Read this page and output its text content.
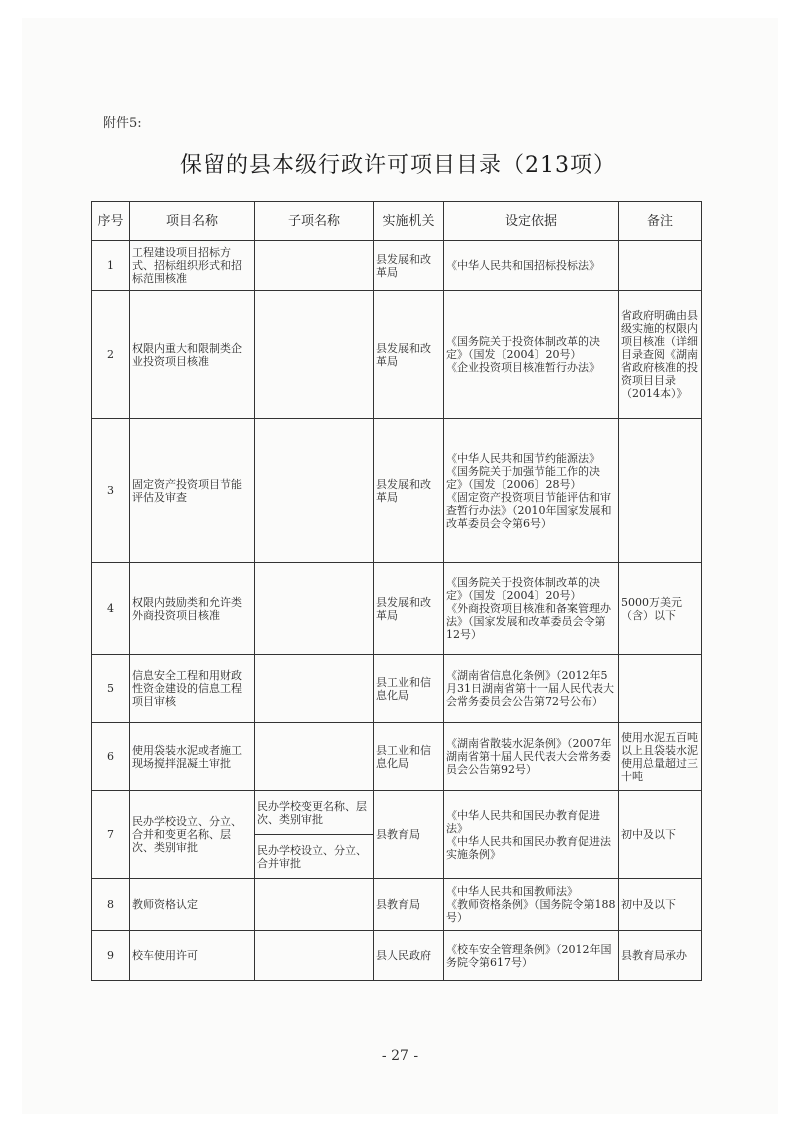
附件5:
保留的县本级行政许可项目目录（213项）
序号	项目名称	子项名称	实施机关	设定依据	备注
1	工程建设项目招标方式、招标组织形式和招标范围核准		县发展和改革局	《中华人民共和国招标投标法》	

2	权限内重大和限制类企业投资项目核准		县发展和改革局	《国务院关于投资体制改革的决定》（国发〔2004〕20号）
《企业投资项目核准暂行办法》	省政府明确由县级实施的权限内项目核准（详细目录查阅《湖南省政府核准的投资项目目录（2014本）》
3	固定资产投资项目节能评估及审查		县发展和改革局	《中华人民共和国节约能源法》
《国务院关于加强节能工作的决定》（国发〔2006〕28号）
《固定资产投资项目节能评估和审查暂行办法》（2010年国家发展和改革委员会令第6号）	

4	权限内鼓励类和允许类外商投资项目核准		县发展和改革局	《国务院关于投资体制改革的决定》（国发〔2004〕20号）
《外商投资项目核准和备案管理办法》（国家发展和改革委员会令第12号）	5000万美元（含）以下
5	信息安全工程和用财政性资金建设的信息工程项目审核		县工业和信息化局	《湖南省信息化条例》（2012年5月31日湖南省第十一届人民代表大会常务委员会公告第72号公布）	

6	使用袋装水泥或者施工现场搅拌混凝土审批		县工业和信息化局	《湖南省散装水泥条例》（2007年湖南省第十届人民代表大会常务委员会公告第92号）	使用水泥五百吨以上且袋装水泥使用总量超过三十吨
7	民办学校设立、分立、合并和变更名称、层次、类别审批	民办学校变更名称、层次、类别审批	县教育局	《中华人民共和国民办教育促进法》
《中华人民共和国民办教育促进法实施条例》	初中及以下
		民办学校设立、分立、合并审批			
8	教师资格认定		县教育局	《中华人民共和国教师法》
《教师资格条例》（国务院令第188号）	初中及以下
9	校车使用许可		县人民政府	《校车安全管理条例》（2012年国务院令第617号）	县教育局承办
- 27 -
